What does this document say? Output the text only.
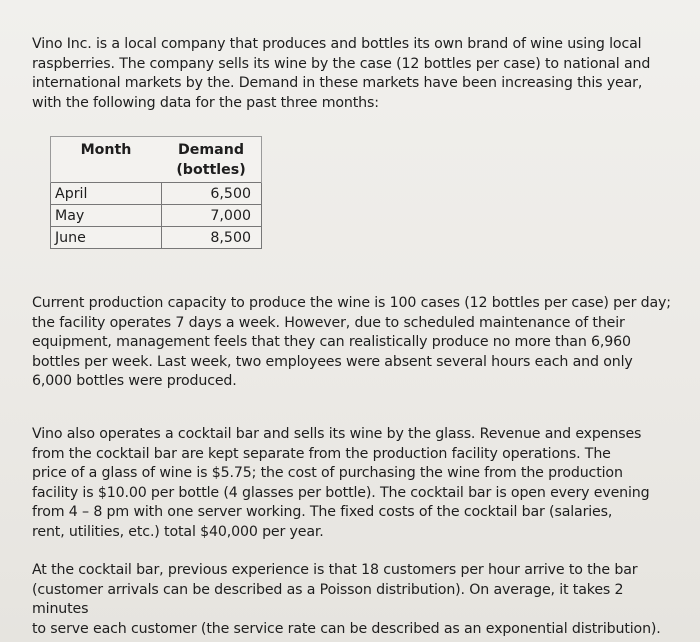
Vino Inc. is a local company that produces and bottles its own brand of wine using local
raspberries. The company sells its wine by the case (12 bottles per case) to national and
international markets by the. Demand in these markets have been increasing this year,
with the following data for the past three months:
Month	Demand
(bottles)
April	6,500
May	7,000
June	8,500
Current production capacity to produce the wine is 100 cases (12 bottles per case) per day;
the facility operates 7 days a week. However, due to scheduled maintenance of their
equipment, management feels that they can realistically produce no more than 6,960
bottles per week. Last week, two employees were absent several hours each and only
6,000 bottles were produced.
Vino also operates a cocktail bar and sells its wine by the glass. Revenue and expenses
from the cocktail bar are kept separate from the production facility operations. The
price of a glass of wine is $5.75; the cost of purchasing the wine from the production
facility is $10.00 per bottle (4 glasses per bottle). The cocktail bar is open every evening
from 4 – 8 pm with one server working. The fixed costs of the cocktail bar (salaries,
rent, utilities, etc.) total $40,000 per year.
At the cocktail bar, previous experience is that 18 customers per hour arrive to the bar
(customer arrivals can be described as a Poisson distribution). On average, it takes 2 minutes
to serve each customer (the service rate can be described as an exponential distribution).
